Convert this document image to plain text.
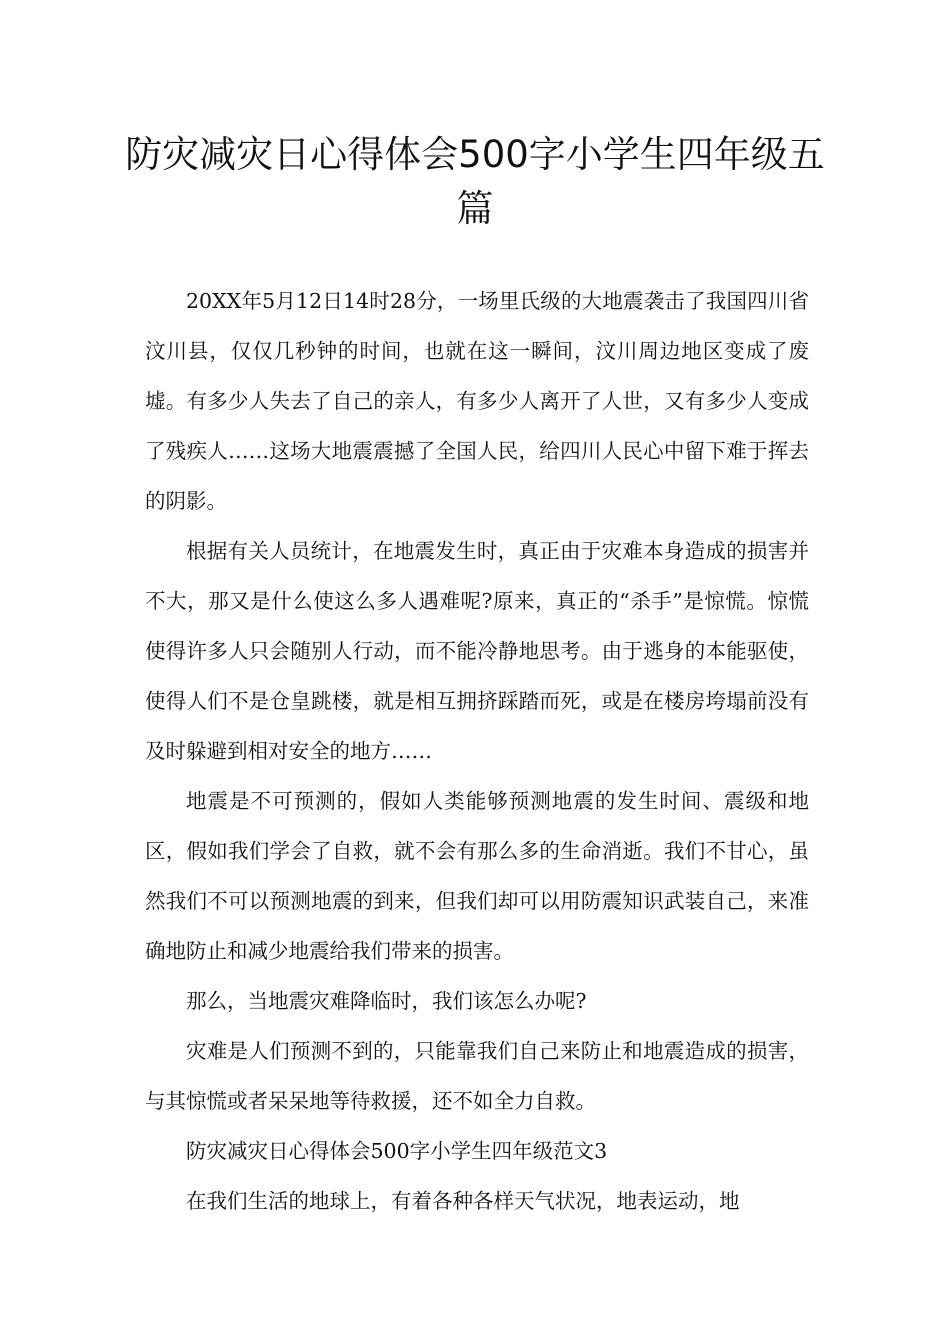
防灾减灾日心得体会500字小学生四年级五篇

20XX年5月12日14时28分，一场里氏级的大地震袭击了我国四川省汶川县，仅仅几秒钟的时间，也就在这一瞬间，汶川周边地区变成了废墟。有多少人失去了自己的亲人，有多少人离开了人世，又有多少人变成了残疾人……这场大地震震撼了全国人民，给四川人民心中留下难于挥去的阴影。

根据有关人员统计，在地震发生时，真正由于灾难本身造成的损害并不大，那又是什么使这么多人遇难呢?原来，真正的“杀手”是惊慌。惊慌使得许多人只会随别人行动，而不能冷静地思考。由于逃身的本能驱使，使得人们不是仓皇跳楼，就是相互拥挤踩踏而死，或是在楼房垮塌前没有及时躲避到相对安全的地方……

地震是不可预测的，假如人类能够预测地震的发生时间、震级和地区，假如我们学会了自救，就不会有那么多的生命消逝。我们不甘心，虽然我们不可以预测地震的到来，但我们却可以用防震知识武装自己，来准确地防止和减少地震给我们带来的损害。

那么，当地震灾难降临时，我们该怎么办呢?

灾难是人们预测不到的，只能靠我们自己来防止和地震造成的损害，与其惊慌或者呆呆地等待救援，还不如全力自救。

防灾减灾日心得体会500字小学生四年级范文3

在我们生活的地球上，有着各种各样天气状况，地表运动，地
